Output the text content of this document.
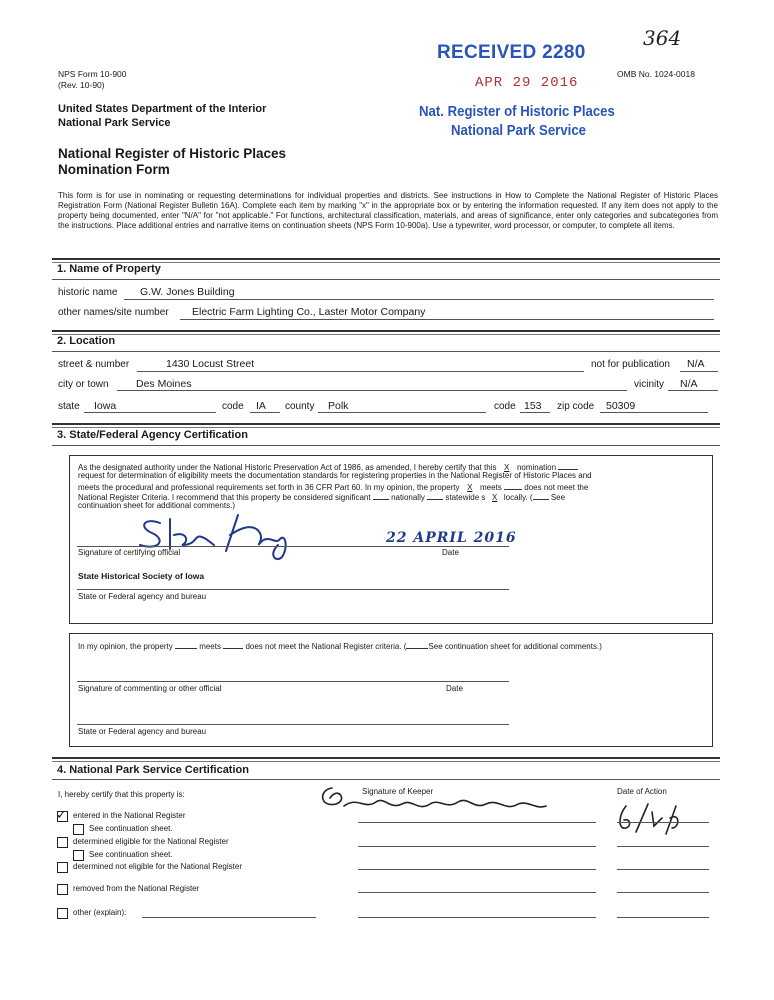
NPS Form 10-900
(Rev. 10-90)
OMB No. 1024-0018
United States Department of the Interior
National Park Service
National Register of Historic Places
Nomination Form
364
RECEIVED 2280
APR 29 2016
Nat. Register of Historic Places
National Park Service
This form is for use in nominating or requesting determinations for individual properties and districts. See instructions in How to Complete the National Register of Historic Places Registration Form (National Register Bulletin 16A). Complete each item by marking "x" in the appropriate box or by entering the information requested. If any item does not apply to the property being documented, enter "N/A" for "not applicable." For functions, architectural classification, materials, and areas of significance, enter only categories and subcategories from the instructions. Place additional entries and narrative items on continuation sheets (NPS Form 10-900a). Use a typewriter, word processor, or computer, to complete all items.
1. Name of Property
historic name G.W. Jones Building
other names/site number Electric Farm Lighting Co., Laster Motor Company
2. Location
street & number	1430 Locust Street	not for publication N/A
city or town	Des Moines	vicinity N/A
state Iowa	code IA county Polk	code 153 zip code 50309
3. State/Federal Agency Certification
As the designated authority under the National Historic Preservation Act of 1986, as amended, I hereby certify that this X nomination
request for determination of eligibility meets the documentation standards for registering properties in the National Register of Historic Places and
meets the procedural and professional requirements set forth in 36 CFR Part 60. In my opinion, the property X meets	does not meet the
National Register Criteria. I recommend that this property be considered significant	nationally	statewide s X locally. ( See
continuation sheet for additional comments.)
22 APRIL 2016
Signature of certifying official	Date
State Historical Society of Iowa
State or Federal agency and bureau
In my opinion, the property	meets	does not meet the National Register criteria. (	See continuation sheet for additional comments.)
Signature of commenting or other official	Date
State or Federal agency and bureau
4. National Park Service Certification
I, hereby certify that this property is:	Signature of Keeper	Date of Action
✓ entered in the National Register
See continuation sheet.
determined eligible for the National Register
See continuation sheet.
determined not eligible for the National Register
removed from the National Register
other (explain):
